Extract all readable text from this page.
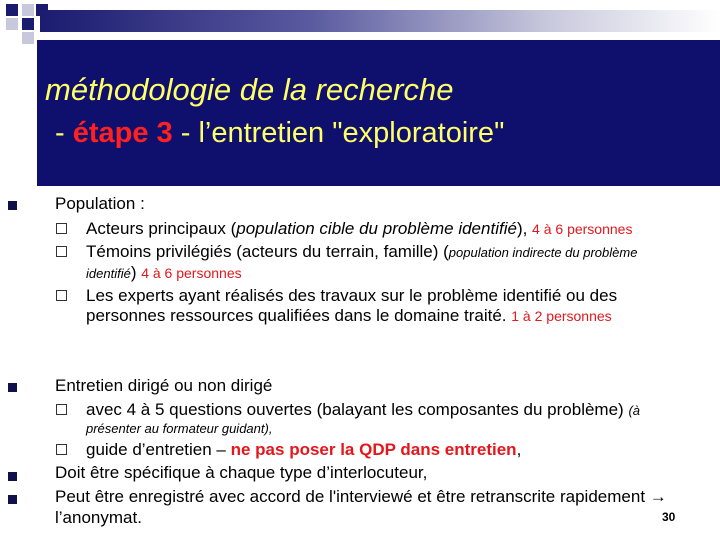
méthodologie de la recherche
- étape 3 - l’entretien "exploratoire"
Population :
Acteurs principaux (population cible du problème identifié), 4 à 6 personnes
Témoins privilégiés (acteurs du terrain, famille) (population indirecte du problème
identifié) 4 à 6 personnes
Les experts ayant réalisés des travaux sur le problème identifié ou des
personnes ressources qualifiées dans le domaine traité. 1 à 2 personnes
Entretien dirigé ou non dirigé
avec 4 à 5 questions ouvertes (balayant les composantes du problème) (à
présenter au formateur guidant),
guide d’entretien – ne pas poser la QDP dans entretien,
Doit être spécifique à chaque type d’interlocuteur,
Peut être enregistré avec accord de l'interviewé et être retranscrite rapidement →
l’anonymat.	30
